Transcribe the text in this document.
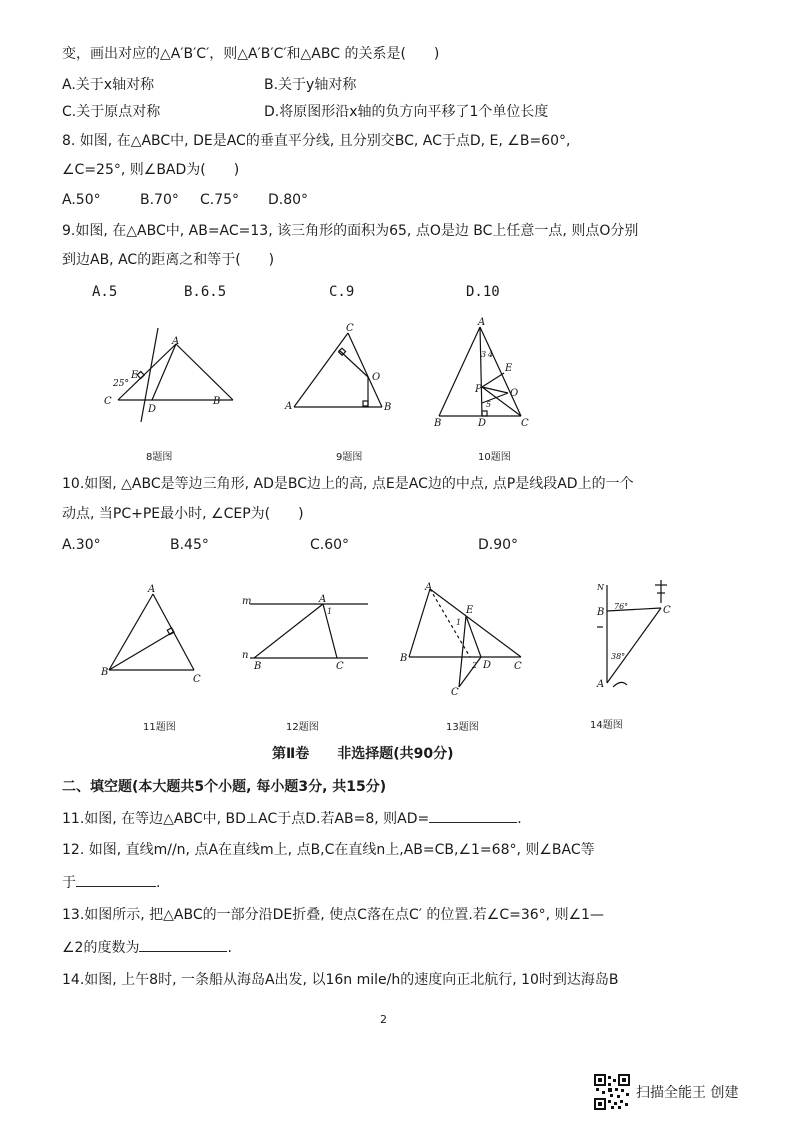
变，画出对应的△A′B′C′，则△A′B′C′和△ABC 的关系是(　　)
A.关于x轴对称	B.关于y轴对称
C.关于原点对称	D.将原图形沿x轴的负方向平移了1个单位长度
8. 如图, 在△ABC中, DE是AC的垂直平分线, 且分别交BC, AC于点D, E, ∠B=60°,
∠C=25°, 则∠BAD为(　　)
A.50°	B.70° C.75° D.80°
9.如图, 在△ABC中, AB=AC=13, 该三角形的面积为65, 点O是边 BC上任意一点, 则点O分别
到边AB, AC的距离之和等于(　　)
A.5	B.6.5	C.9	D.10
A
E
C
D
B
25°
8题图
C
O
A	B
9题图
A
E
P	O
B	D	C
3 4
5
10题图
10.如图, △ABC是等边三角形, AD是BC边上的高, 点E是AC边的中点, 点P是线段AD上的一个
动点, 当PC+PE最小时, ∠CEP为(　　)
A.30°	B.45°	C.60°	D.90°
A
B
C
11题图
m
n
A
B	C
1
12题图
A
E
B
D C
C
1
2
13题图
N
B	C
A
76°
38°
14题图
第Ⅱ卷　　非选择题(共90分)
二、填空题(本大题共5个小题, 每小题3分, 共15分)
11.如图, 在等边△ABC中, BD⊥AC于点D.若AB=8, 则AD=	.
12. 如图, 直线m//n, 点A在直线m上, 点B,C在直线n上,AB=CB,∠1=68°, 则∠BAC等
于	.
13.如图所示, 把△ABC的一部分沿DE折叠, 使点C落在点C′ 的位置.若∠C=36°, 则∠1—
∠2的度数为	.
14.如图, 上午8时, 一条船从海岛A出发, 以16n mile/h的速度向正北航行, 10时到达海岛B
2
扫描全能王 创建
